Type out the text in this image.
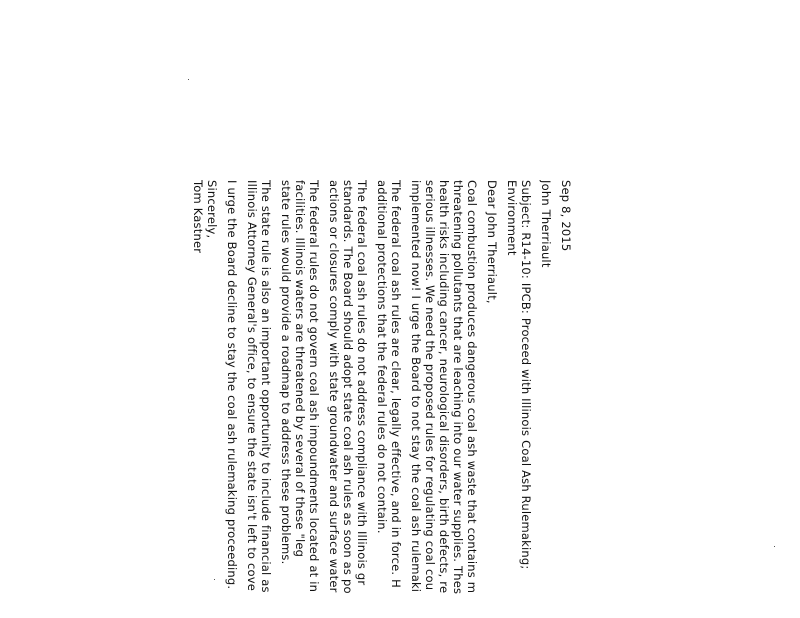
Sep 8, 2015
John Therriault
Subject: R14-10: IPCB: Proceed with Illinois Coal Ash Rulemaking;
Environment
Dear John Therriault,
Coal combustion produces dangerous coal ash waste that contains m
threatening pollutants that are leaching into our water supplies. Thes
health risks including cancer, neurological disorders, birth defects, re
serious illnesses. We need the proposed rules for regulating coal cou
implemented now! I urge the Board to not stay the coal ash rulemaki
The federal coal ash rules are clear, legally effective, and in force. H
additional protections that the federal rules do not contain.
The federal coal ash rules do not address compliance with Illinois gr
standards. The Board should adopt state coal ash rules as soon as po
actions or closures comply with state groundwater and surface water
The federal rules do not govern coal ash impoundments located at in
facilities. Illinois waters are threatened by several of these "leg
state rules would provide a roadmap to address these problems.
The state rule is also an important opportunity to include financial as
Illinois Attorney General's office, to ensure the state isn't left to cove
I urge the Board decline to stay the coal ash rulemaking proceeding.
Sincerely,
Tom Kastner
